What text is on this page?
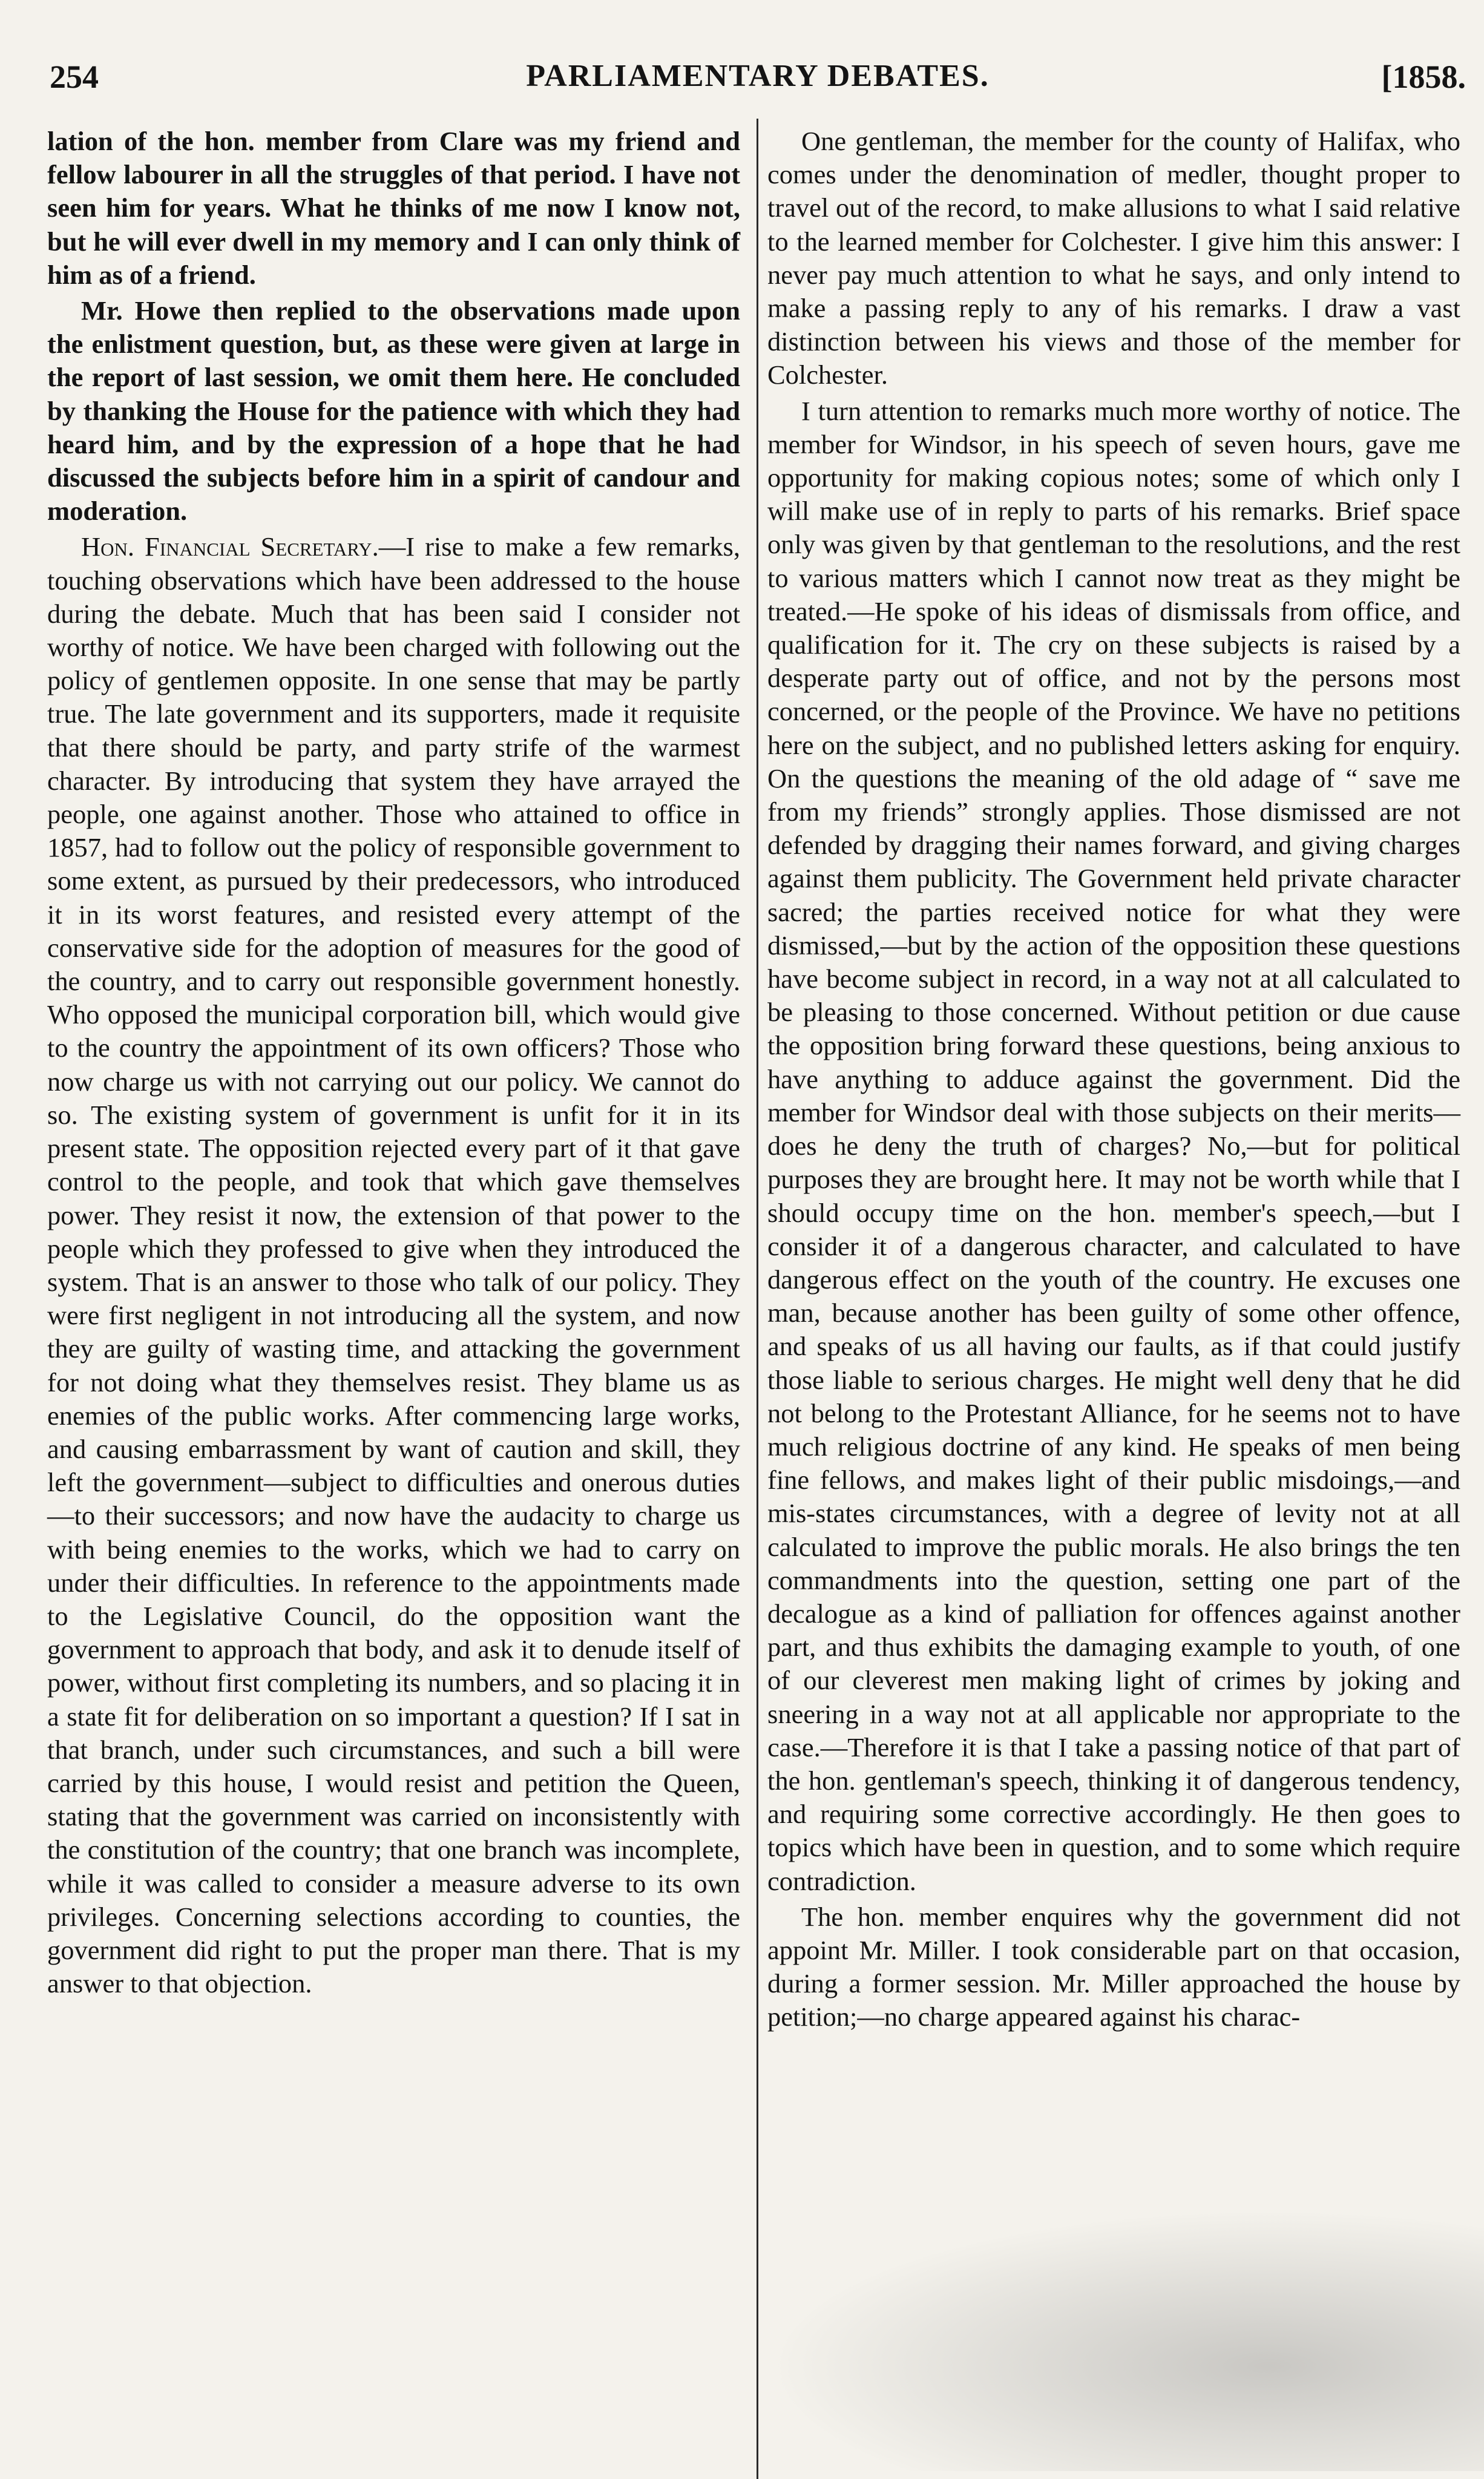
254	PARLIAMENTARY DEBATES.	[1858.

lation of the hon. member from Clare was my friend and fellow labourer in all the struggles of that period. I have not seen him for years. What he thinks of me now I know not, but he will ever dwell in my memory and I can only think of him as of a friend.

Mr. Howe then replied to the observations made upon the enlistment question, but, as these were given at large in the report of last session, we omit them here. He concluded by thanking the House for the patience with which they had heard him, and by the expression of a hope that he had discussed the subjects before him in a spirit of candour and moderation.

Hon. Financial Secretary.—I rise to make a few remarks, touching observations which have been addressed to the house during the debate. Much that has been said I consider not worthy of notice. We have been charged with following out the policy of gentlemen opposite. In one sense that may be partly true. The late government and its supporters, made it requisite that there should be party, and party strife of the warmest character. By introducing that system they have arrayed the people, one against another. Those who attained to office in 1857, had to follow out the policy of responsible government to some extent, as pursued by their predecessors, who introduced it in its worst features, and resisted every attempt of the conservative side for the adoption of measures for the good of the country, and to carry out responsible government honestly. Who opposed the municipal corporation bill, which would give to the country the appointment of its own officers? Those who now charge us with not carrying out our policy. We cannot do so. The existing system of government is unfit for it in its present state. The opposition rejected every part of it that gave control to the people, and took that which gave themselves power. They resist it now, the extension of that power to the people which they professed to give when they introduced the system. That is an answer to those who talk of our policy. They were first negligent in not introducing all the system, and now they are guilty of wasting time, and attacking the government for not doing what they themselves resist. They blame us as enemies of the public works. After commencing large works, and causing embarrassment by want of caution and skill, they left the government—subject to difficulties and onerous duties—to their successors; and now have the audacity to charge us with being enemies to the works, which we had to carry on under their difficulties. In reference to the appointments made to the Legislative Council, do the opposition want the government to approach that body, and ask it to denude itself of power, without first completing its numbers, and so placing it in a state fit for deliberation on so important a question? If I sat in that branch, under such circumstances, and such a bill were carried by this house, I would resist and petition the Queen, stating that the government was carried on inconsistently with the constitution of the country; that one branch was incomplete, while it was called to consider a measure adverse to its own privileges. Concerning selections according to counties, the government did right to put the proper man there. That is my answer to that objection.

One gentleman, the member for the county of Halifax, who comes under the denomination of medler, thought proper to travel out of the record, to make allusions to what I said relative to the learned member for Colchester. I give him this answer: I never pay much attention to what he says, and only intend to make a passing reply to any of his remarks. I draw a vast distinction between his views and those of the member for Colchester.

I turn attention to remarks much more worthy of notice. The member for Windsor, in his speech of seven hours, gave me opportunity for making copious notes; some of which only I will make use of in reply to parts of his remarks. Brief space only was given by that gentleman to the resolutions, and the rest to various matters which I cannot now treat as they might be treated.—He spoke of his ideas of dismissals from office, and qualification for it. The cry on these subjects is raised by a desperate party out of office, and not by the persons most concerned, or the people of the Province. We have no petitions here on the subject, and no published letters asking for enquiry. On the questions the meaning of the old adage of “ save me from my friends” strongly applies. Those dismissed are not defended by dragging their names forward, and giving charges against them publicity. The Government held private character sacred; the parties received notice for what they were dismissed,—but by the action of the opposition these questions have become subject in record, in a way not at all calculated to be pleasing to those concerned. Without petition or due cause the opposition bring forward these questions, being anxious to have anything to adduce against the government. Did the member for Windsor deal with those subjects on their merits—does he deny the truth of charges? No,—but for political purposes they are brought here. It may not be worth while that I should occupy time on the hon. member's speech,—but I consider it of a dangerous character, and calculated to have dangerous effect on the youth of the country. He excuses one man, because another has been guilty of some other offence, and speaks of us all having our faults, as if that could justify those liable to serious charges. He might well deny that he did not belong to the Protestant Alliance, for he seems not to have much religious doctrine of any kind. He speaks of men being fine fellows, and makes light of their public misdoings,—and mis-states circumstances, with a degree of levity not at all calculated to improve the public morals. He also brings the ten commandments into the question, setting one part of the decalogue as a kind of palliation for offences against another part, and thus exhibits the damaging example to youth, of one of our cleverest men making light of crimes by joking and sneering in a way not at all applicable nor appropriate to the case.—Therefore it is that I take a passing notice of that part of the hon. gentleman's speech, thinking it of dangerous tendency, and requiring some corrective accordingly. He then goes to topics which have been in question, and to some which require contradiction.

The hon. member enquires why the government did not appoint Mr. Miller. I took considerable part on that occasion, during a former session. Mr. Miller approached the house by petition;—no charge appeared against his charac-
